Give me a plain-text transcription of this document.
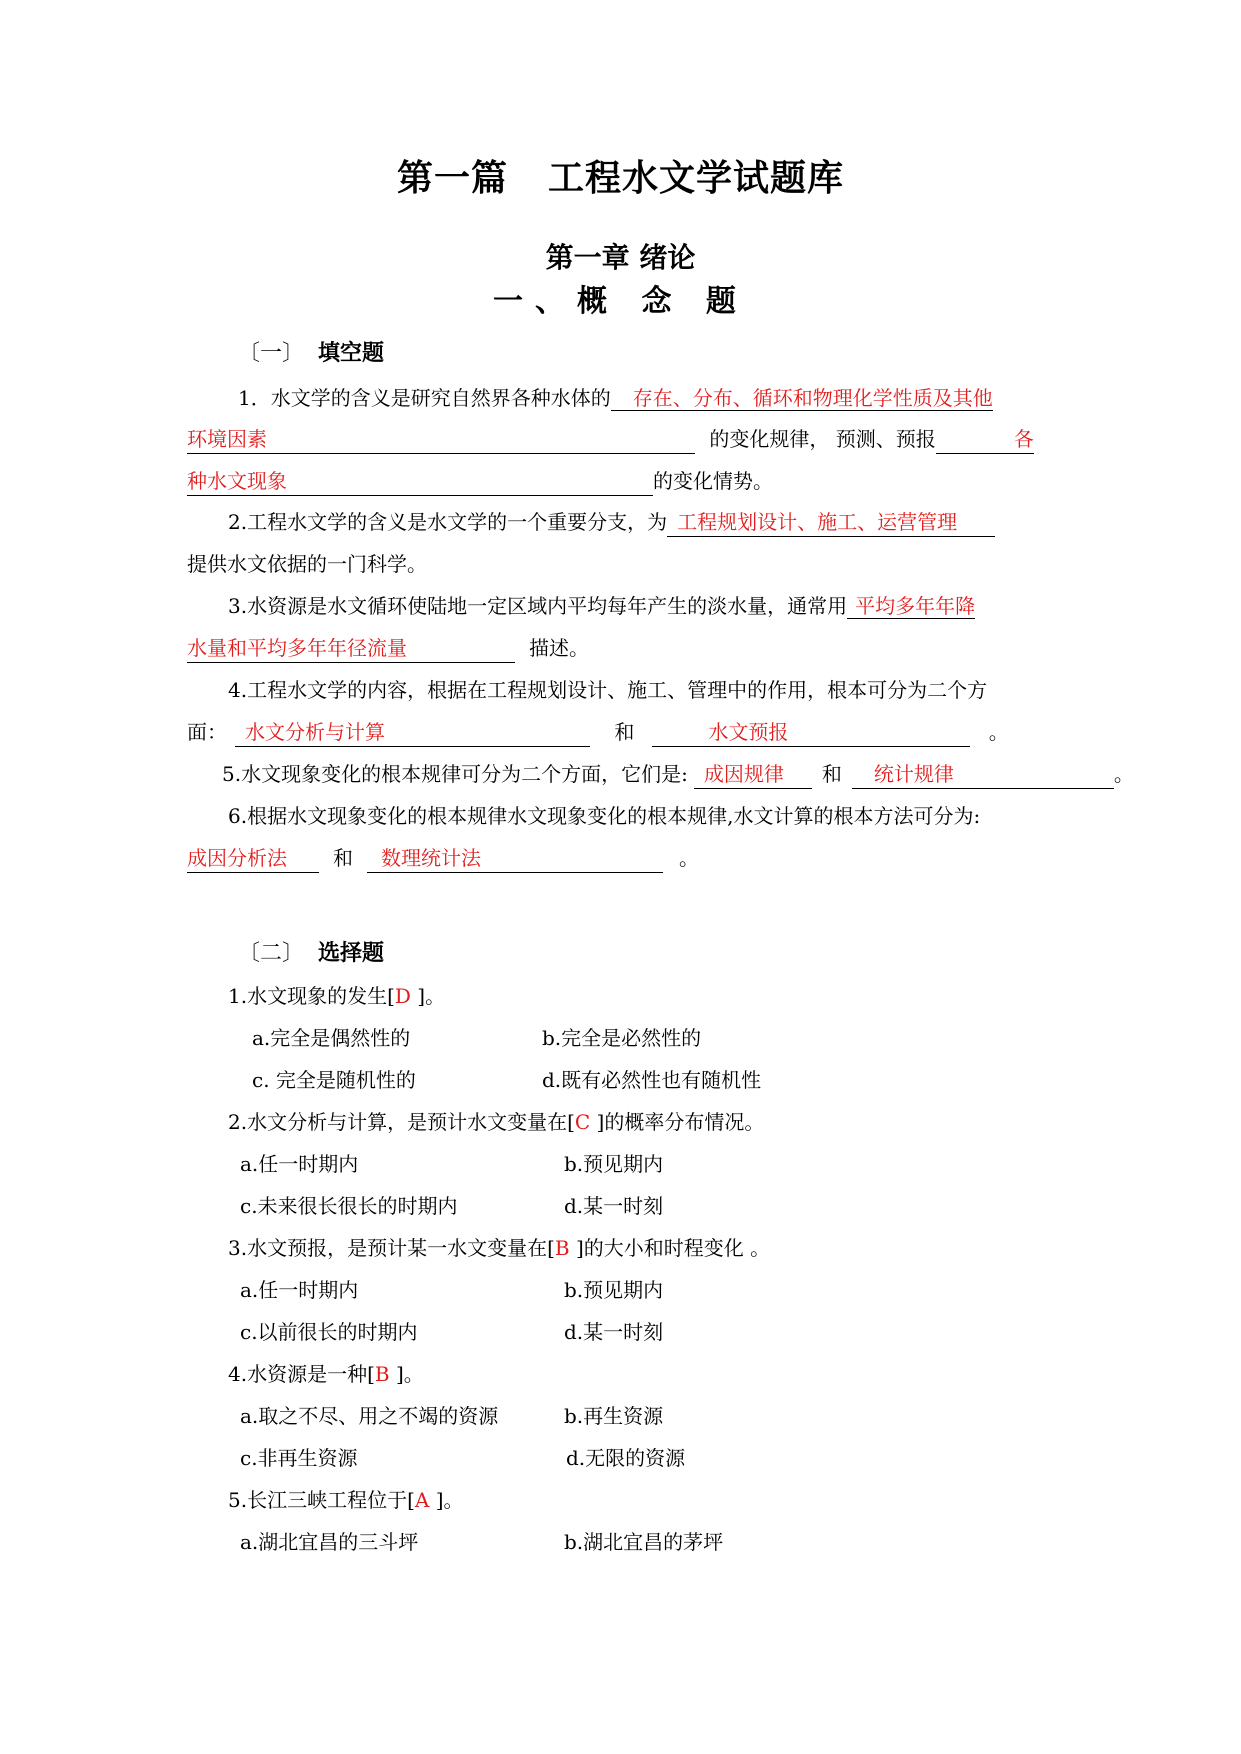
第一篇 工程水文学试题库
第一章 绪论
一、概 念 题
〔一〕 填空题
1．水文学的含义是研究自然界各种水体的 存在、分布、循环和物理化学性质及其他
环境因素	的变化规律， 预测、预报	各
种水文现象	的变化情势。
2.工程水文学的含义是水文学的一个重要分支，为 工程规划设计、施工、运营管理
提供水文依据的一门科学。
3.水资源是水文循环使陆地一定区域内平均每年产生的淡水量，通常用 平均多年年降
水量和平均多年年径流量	描述。
4.工程水文学的内容，根据在工程规划设计、施工、管理中的作用，根本可分为二个方
面： 水文分析与计算	和	水文预报	。
5.水文现象变化的根本规律可分为二个方面，它们是: 成因规律 和 统计规律	。
6.根据水文现象变化的根本规律水文现象变化的根本规律,水文计算的根本方法可分为:
成因分析法 和 数理统计法	。
〔二〕 选择题
1.水文现象的发生[D ]。
a.完全是偶然性的	b.完全是必然性的
c. 完全是随机性的	d.既有必然性也有随机性
2.水文分析与计算，是预计水文变量在[C ]的概率分布情况。
a.任一时期内	b.预见期内
c.未来很长很长的时期内	d.某一时刻
3.水文预报，是预计某一水文变量在[B ]的大小和时程变化 。
a.任一时期内	b.预见期内
c.以前很长的时期内	d.某一时刻
4.水资源是一种[B ]。
a.取之不尽、用之不竭的资源	b.再生资源
c.非再生资源	d.无限的资源
5.长江三峡工程位于[A ]。
a.湖北宜昌的三斗坪	b.湖北宜昌的茅坪
